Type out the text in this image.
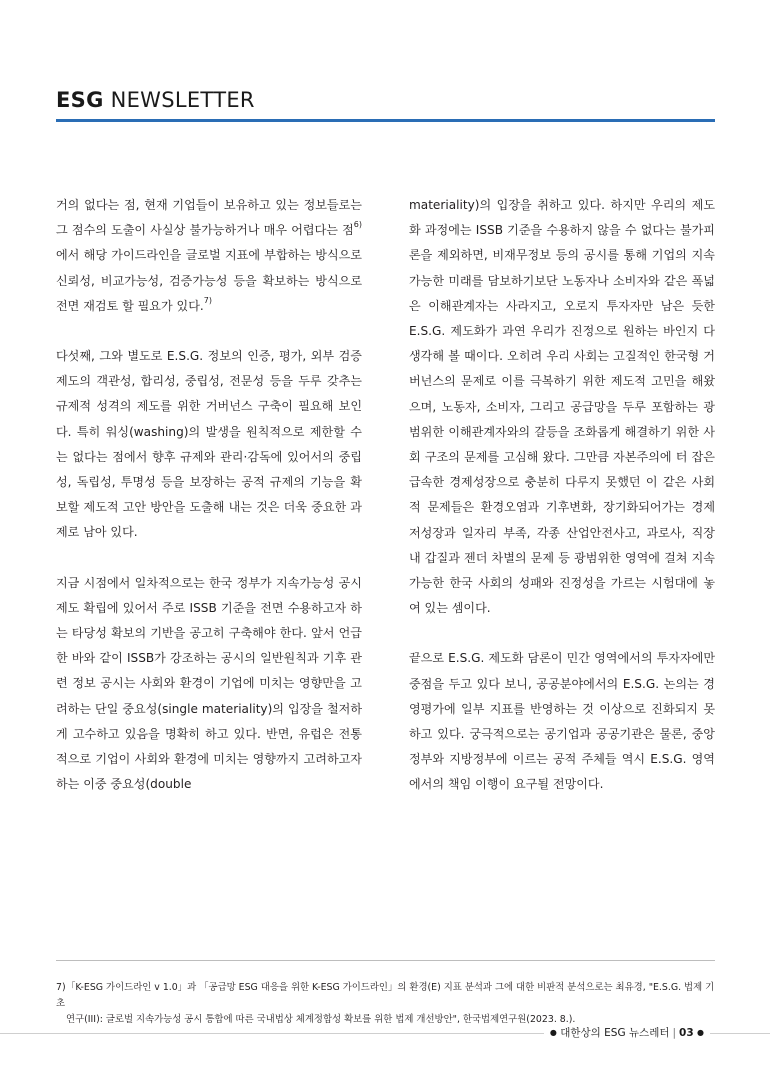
ESG NEWSLETTER

거의 없다는 점, 현재 기업들이 보유하고 있는 정보들로는 그 점수의 도출이 사실상 불가능하거나 매우 어렵다는 점$^{6)}$에서 해당 가이드라인을 글로벌 지표에 부합하는 방식으로 신뢰성, 비교가능성, 검증가능성 등을 확보하는 방식으로 전면 재검토 할 필요가 있다.$^{7)}$

다섯째, 그와 별도로 E.S.G. 정보의 인증, 평가, 외부 검증 제도의 객관성, 합리성, 중립성, 전문성 등을 두루 갖추는 규제적 성격의 제도를 위한 거버넌스 구축이 필요해 보인다. 특히 워싱(washing)의 발생을 원칙적으로 제한할 수는 없다는 점에서 향후 규제와 관리·감독에 있어서의 중립성, 독립성, 투명성 등을 보장하는 공적 규제의 기능을 확보할 제도적 고안 방안을 도출해 내는 것은 더욱 중요한 과제로 남아 있다.

지금 시점에서 일차적으로는 한국 정부가 지속가능성 공시 제도 확립에 있어서 주로 ISSB 기준을 전면 수용하고자 하는 타당성 확보의 기반을 공고히 구축해야 한다. 앞서 언급한 바와 같이 ISSB가 강조하는 공시의 일반원칙과 기후 관련 정보 공시는 사회와 환경이 기업에 미치는 영향만을 고려하는 단일 중요성(single materiality)의 입장을 철저하게 고수하고 있음을 명확히 하고 있다. 반면, 유럽은 전통적으로 기업이 사회와 환경에 미치는 영향까지 고려하고자 하는 이중 중요성(double

materiality)의 입장을 취하고 있다. 하지만 우리의 제도화 과정에는 ISSB 기준을 수용하지 않을 수 없다는 불가피론을 제외하면, 비재무정보 등의 공시를 통해 기업의 지속가능한 미래를 담보하기보단 노동자나 소비자와 같은 폭넓은 이해관계자는 사라지고, 오로지 투자자만 남은 듯한 E.S.G. 제도화가 과연 우리가 진정으로 원하는 바인지 다 생각해 볼 때이다. 오히려 우리 사회는 고질적인 한국형 거버넌스의 문제로 이를 극복하기 위한 제도적 고민을 해왔으며, 노동자, 소비자, 그리고 공급망을 두루 포함하는 광범위한 이해관계자와의 갈등을 조화롭게 해결하기 위한 사회 구조의 문제를 고심해 왔다. 그만큼 자본주의에 터 잡은 급속한 경제성장으로 충분히 다루지 못했던 이 같은 사회적 문제들은 환경오염과 기후변화, 장기화되어가는 경제 저성장과 일자리 부족, 각종 산업안전사고, 과로사, 직장 내 갑질과 젠더 차별의 문제 등 광범위한 영역에 걸쳐 지속가능한 한국 사회의 성패와 진정성을 가르는 시험대에 놓여 있는 셈이다.

끝으로 E.S.G. 제도화 담론이 민간 영역에서의 투자자에만 중점을 두고 있다 보니, 공공분야에서의 E.S.G. 논의는 경영평가에 일부 지표를 반영하는 것 이상으로 진화되지 못하고 있다. 궁극적으로는 공기업과 공공기관은 물론, 중앙정부와 지방정부에 이르는 공적 주체들 역시 E.S.G. 영역에서의 책임 이행이 요구될 전망이다.

7)「K-ESG 가이드라인 v 1.0」과 「공급망 ESG 대응을 위한 K-ESG 가이드라인」의 환경(E) 지표 분석과 그에 대한 비판적 분석으로는 최유경, "E.S.G. 법제 기초
연구(III): 글로벌 지속가능성 공시 통합에 따른 국내법상 체계정합성 확보를 위한 법제 개선방안", 한국법제연구원(2023. 8.).
● 대한상의 ESG 뉴스레터 | 03 ●
